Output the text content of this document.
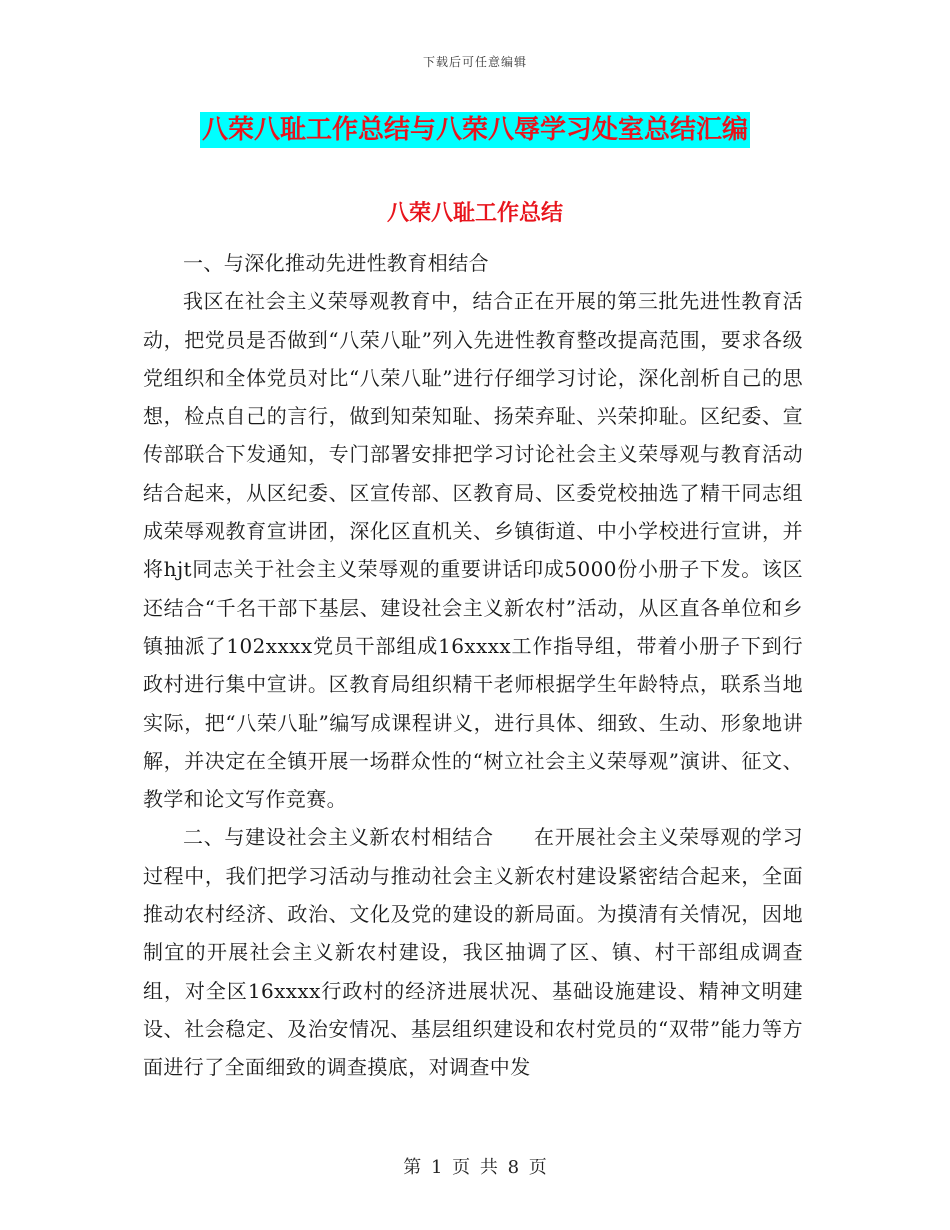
下载后可任意编辑
八荣八耻工作总结与八荣八辱学习处室总结汇编
八荣八耻工作总结

一、与深化推动先进性教育相结合

我区在社会主义荣辱观教育中，结合正在开展的第三批先进性教育活动，把党员是否做到“八荣八耻”列入先进性教育整改提高范围，要求各级党组织和全体党员对比“八荣八耻”进行仔细学习讨论，深化剖析自己的思想，检点自己的言行，做到知荣知耻、扬荣弃耻、兴荣抑耻。区纪委、宣传部联合下发通知，专门部署安排把学习讨论社会主义荣辱观与教育活动结合起来，从区纪委、区宣传部、区教育局、区委党校抽选了精干同志组成荣辱观教育宣讲团，深化区直机关、乡镇街道、中小学校进行宣讲，并将hjt同志关于社会主义荣辱观的重要讲话印成5000份小册子下发。该区还结合“千名干部下基层、建设社会主义新农村”活动，从区直各单位和乡镇抽派了102xxxx党员干部组成16xxxx工作指导组，带着小册子下到行政村进行集中宣讲。区教育局组织精干老师根据学生年龄特点，联系当地实际，把“八荣八耻”编写成课程讲义，进行具体、细致、生动、形象地讲解，并决定在全镇开展一场群众性的“树立社会主义荣辱观”演讲、征文、教学和论文写作竞赛。

二、与建设社会主义新农村相结合 在开展社会主义荣辱观的学习过程中，我们把学习活动与推动社会主义新农村建设紧密结合起来，全面推动农村经济、政治、文化及党的建设的新局面。为摸清有关情况，因地制宜的开展社会主义新农村建设，我区抽调了区、镇、村干部组成调查组，对全区16xxxx行政村的经济进展状况、基础设施建设、精神文明建设、社会稳定、及治安情况、基层组织建设和农村党员的“双带”能力等方面进行了全面细致的调查摸底，对调查中发

第 1 页 共 8 页
